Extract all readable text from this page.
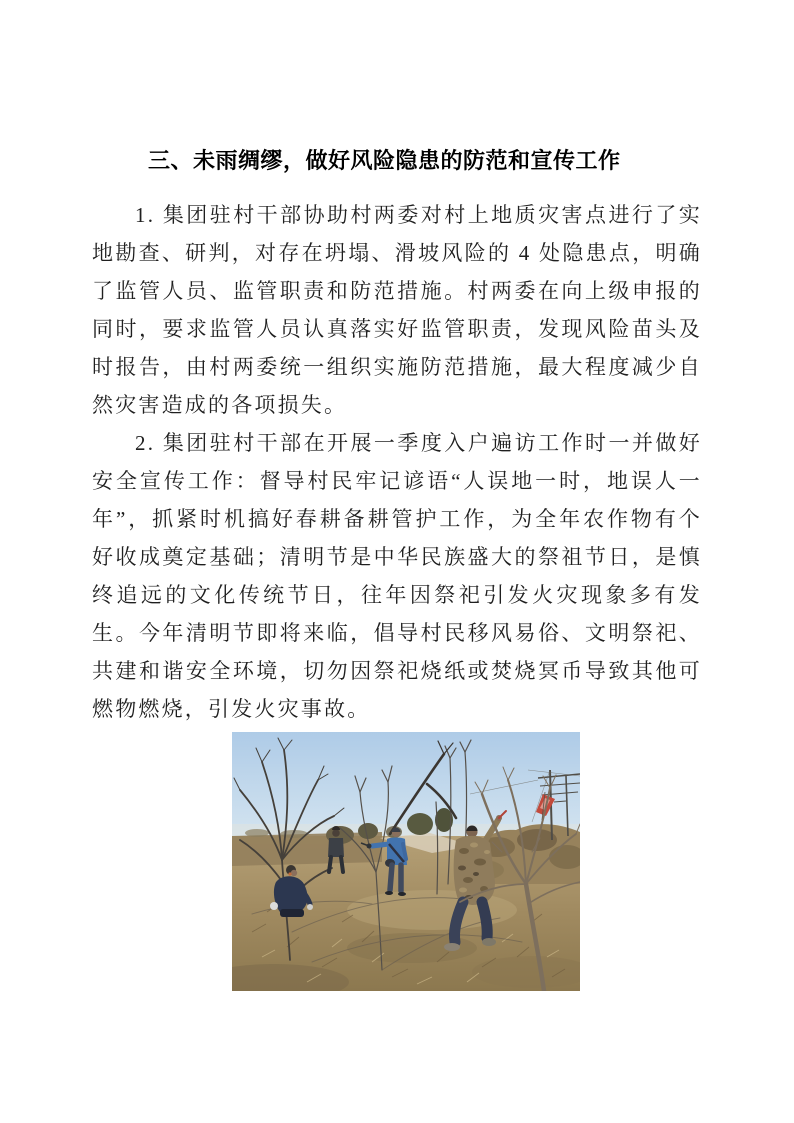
三、未雨绸缪，做好风险隐患的防范和宣传工作

1. 集团驻村干部协助村两委对村上地质灾害点进行了实地勘查、研判，对存在坍塌、滑坡风险的 4 处隐患点，明确了监管人员、监管职责和防范措施。村两委在向上级申报的同时，要求监管人员认真落实好监管职责，发现风险苗头及时报告，由村两委统一组织实施防范措施，最大程度减少自然灾害造成的各项损失。

2. 集团驻村干部在开展一季度入户遍访工作时一并做好安全宣传工作：督导村民牢记谚语“人误地一时，地误人一年”，抓紧时机搞好春耕备耕管护工作，为全年农作物有个好收成奠定基础；清明节是中华民族盛大的祭祖节日，是慎终追远的文化传统节日，往年因祭祀引发火灾现象多有发生。今年清明节即将来临，倡导村民移风易俗、文明祭祀、共建和谐安全环境，切勿因祭祀烧纸或焚烧冥币导致其他可燃物燃烧，引发火灾事故。
